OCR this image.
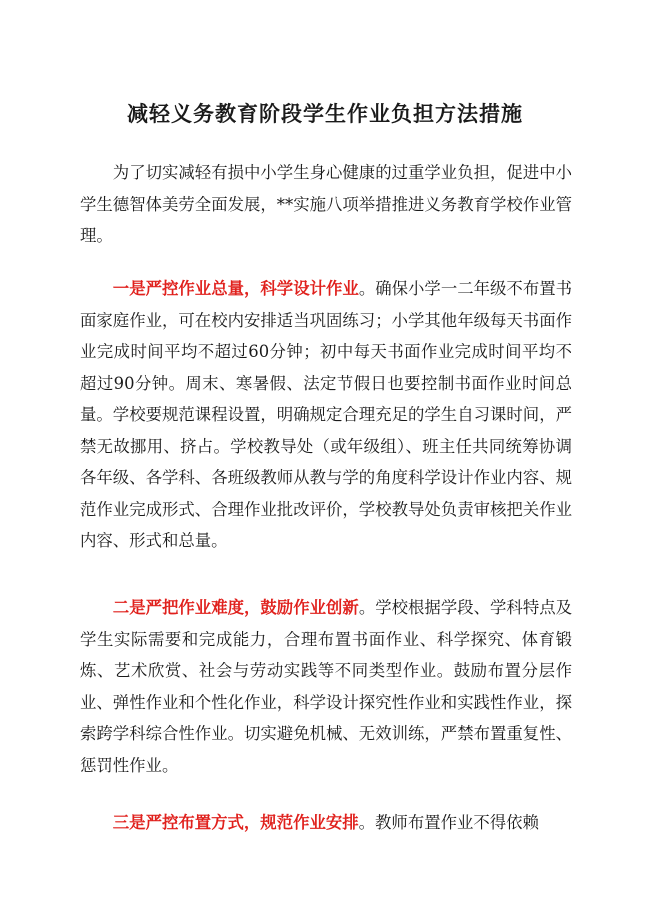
减轻义务教育阶段学生作业负担方法措施

为了切实减轻有损中小学生身心健康的过重学业负担，促进中小学生德智体美劳全面发展，**实施八项举措推进义务教育学校作业管理。

一是严控作业总量，科学设计作业。确保小学一二年级不布置书面家庭作业，可在校内安排适当巩固练习；小学其他年级每天书面作业完成时间平均不超过60分钟；初中每天书面作业完成时间平均不超过90分钟。周末、寒暑假、法定节假日也要控制书面作业时间总量。学校要规范课程设置，明确规定合理充足的学生自习课时间，严禁无故挪用、挤占。学校教导处（或年级组）、班主任共同统筹协调各年级、各学科、各班级教师从教与学的角度科学设计作业内容、规范作业完成形式、合理作业批改评价，学校教导处负责审核把关作业内容、形式和总量。

二是严把作业难度，鼓励作业创新。学校根据学段、学科特点及学生实际需要和完成能力，合理布置书面作业、科学探究、体育锻炼、艺术欣赏、社会与劳动实践等不同类型作业。鼓励布置分层作业、弹性作业和个性化作业，科学设计探究性作业和实践性作业，探索跨学科综合性作业。切实避免机械、无效训练，严禁布置重复性、惩罚性作业。

三是严控布置方式，规范作业安排。教师布置作业不得依赖
